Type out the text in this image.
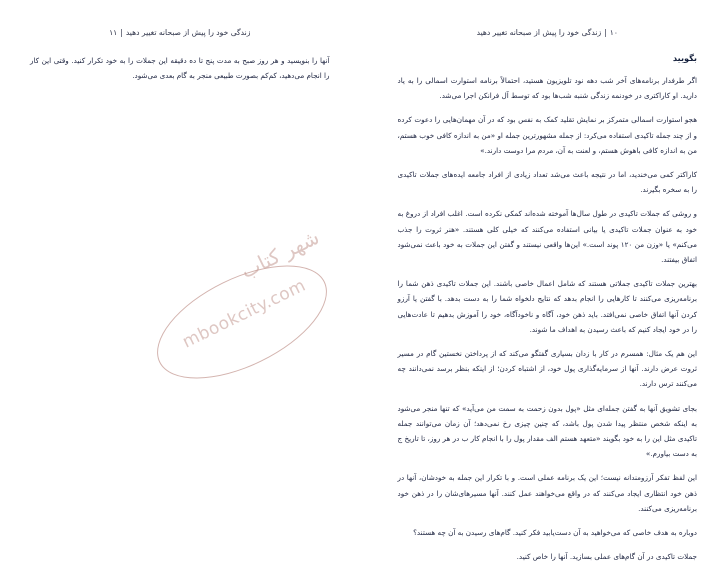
۱۰|زندگی خود را پیش از صبحانه تغییر دهید
بگویید

اگر طرفدار برنامه‌های آخر شب دهه نود تلویزیون هستید، احتمالاً برنامه استوارت اسمالی را به یاد دارید. او کاراکتری در خودنمه زندگی شنبه شب‌ها بود که توسط آل فرانکن اجرا می‌شد.

هجو استوارت اسمالی متمرکز بر نمایش تقلید کمک به نفس بود که در آن مهمان‌هایی را دعوت کرده و از چند جمله تاکیدی استفاده می‌کرد: از جمله مشهورترین جمله او «من به اندازه کافی خوب هستم، من به اندازه کافی باهوش هستم، و لعنت به آن، مردم مرا دوست دارند.»

کاراکتر کمی می‌خندید، اما در نتیجه باعث می‌شد تعداد زیادی از افراد جامعه ایده‌های جملات تاکیدی را به سخره بگیرند.

و روشی که جملات تاکیدی در طول سال‌ها آموخته شده‌اند کمکی نکرده است. اغلب افراد از دروغ به خود به عنوان جملات تاکیدی یا بیانی استفاده می‌کنند که خیلی کلی هستند. «هنر ثروت را جذب می‌کنم» یا «وزن من ۱۲۰ پوند است.» این‌ها واقعی نیستند و گفتن این جملات به خود باعث نمی‌شود اتفاق بیفتند.

بهترین جملات تاکیدی جملاتی هستند که شامل اعمال خاصی باشند. این جملات تاکیدی ذهن شما را برنامه‌ریزی می‌کنند تا کارهایی را انجام بدهد که نتایج دلخواه شما را به دست بدهد. با گفتن یا آرزو کردن آنها اتفاق خاصی نمی‌افتد. باید ذهن خود، آگاه و ناخودآگاه، خود را آموزش بدهیم تا عادت‌هایی را در خود ایجاد کنیم که باعث رسیدن به اهداف ما شوند.

این هم یک مثال: همسرم در کار با زدان بسیاری گفتگو می‌کند که از پرداختن نخستین گام در مسیر ثروت عرض دارند. آنها از سرمایه‌گذاری پول خود، از اشتباه کردن؛ از اینکه بنظر برسد نمی‌دانند چه می‌کنند ترس دارند.

بجای تشویق آنها به گفتن جمله‌ای مثل «پول بدون زحمت به سمت من می‌آید» که تنها منجر می‌شود به اینکه شخص منتظر پیدا شدن پول باشد، که چنین چیزی رخ نمی‌دهد؛ آن زمان می‌توانند جمله تاکیدی مثل این را به خود بگویند «متعهد هستم الف مقدار پول را با انجام کار ب در هر روز، تا تاریخ ج به دست بیاورم.»

این لفظ تفکر آرزومندانه نیست؛ این یک برنامه عملی است. و با تکرار این جمله به خودشان، آنها در ذهن خود انتظاری ایجاد می‌کنند که در واقع می‌خواهند عمل کنند. آنها مسیرهای‌شان را در ذهن خود برنامه‌ریزی می‌کنند.

دوباره به هدف خاصی که می‌خواهید به آن دست‌یابید فکر کنید. گام‌های رسیدن به آن چه هستند؟

جملات تاکیدی در آن گام‌های عملی بسازید. آنها را خاص کنید.

زندگی خود را پیش از صبحانه تغییر دهید|۱۱

آنها را بنویسید و هر روز صبح به مدت پنج تا ده دقیقه این جملات را به خود تکرار کنید. وقتی این کار را انجام می‌دهید، کم‌کم بصورت طبیعی منجر به گام بعدی می‌شود.

شهر کتاب
mbookcity.com
